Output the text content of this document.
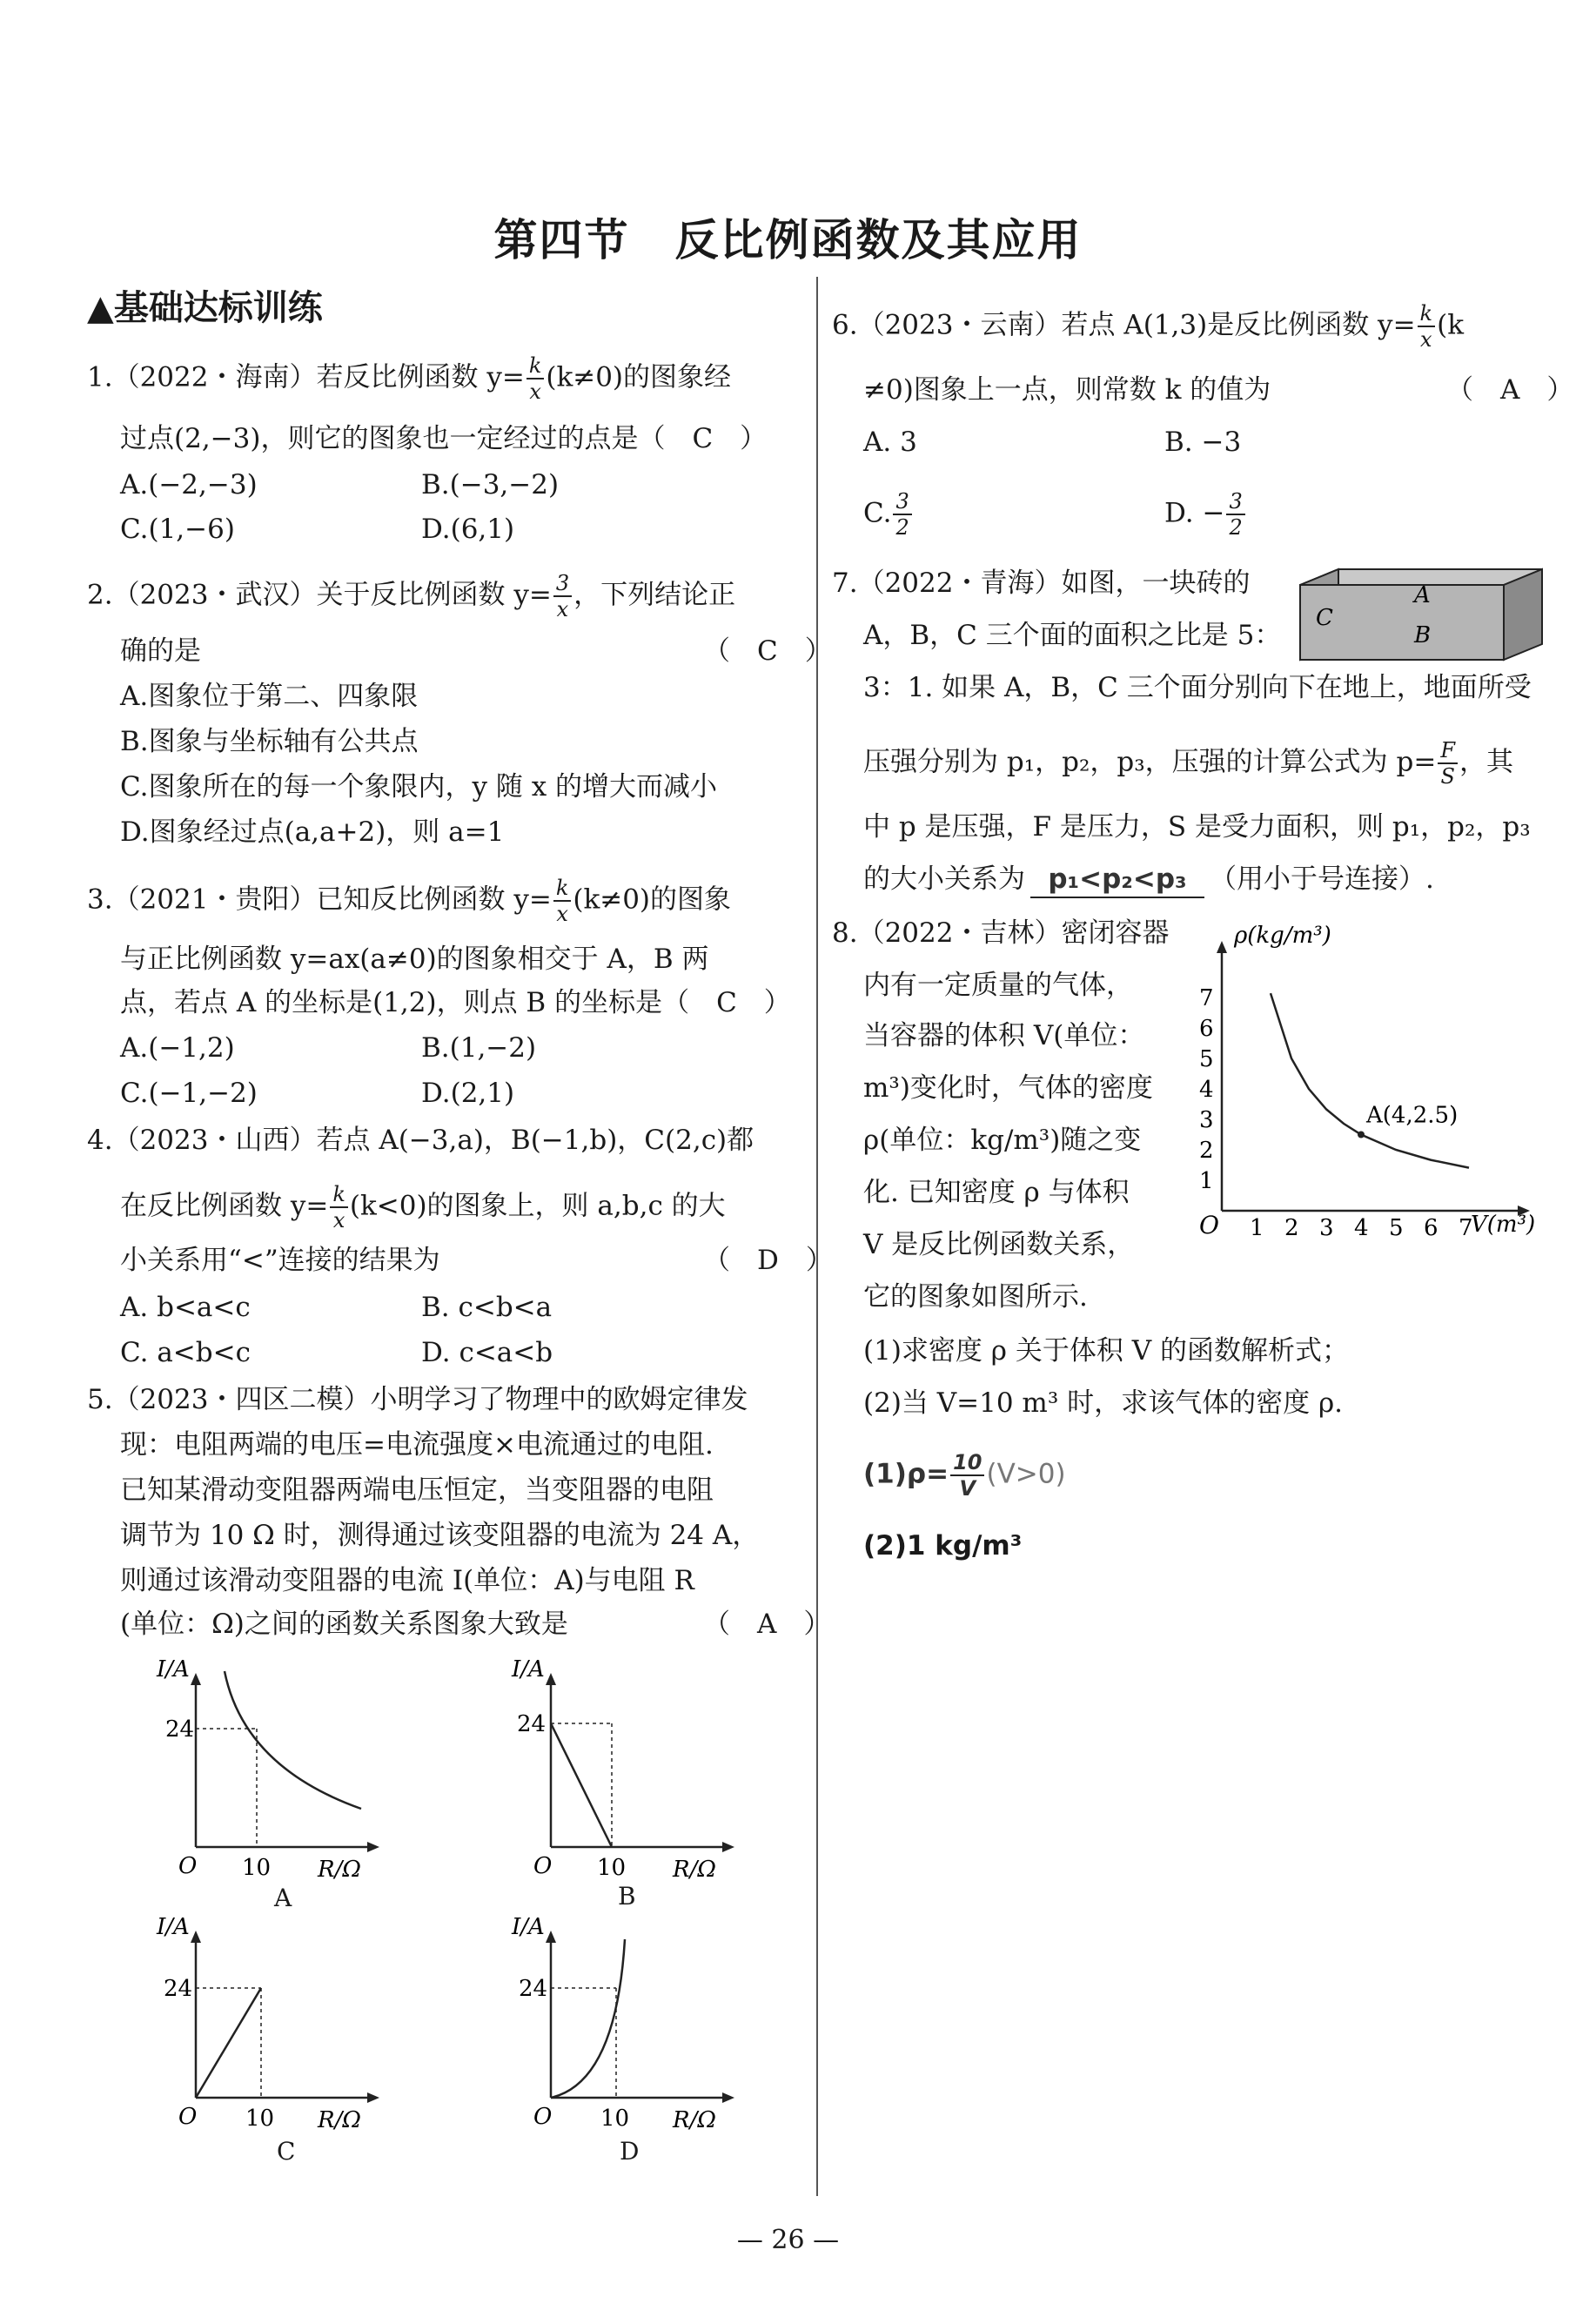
第四节　反比例函数及其应用
▲基础达标训练
1.（2022・海南）若反比例函数 $y= \frac{k}{x} (k\ne 0)$的图象经
过点(2,−3)，则它的图象也一定经过的点是（　C　）
A.(−2,−3)	B.(−3,−2)
C.(1,−6)	D.(6,1)
2.（2023・武汉）关于反比例函数 $y= \frac{3}{x}$ ，下列结论正
确的是	（　C　）
A.图象位于第二、四象限
B.图象与坐标轴有公共点
C.图象所在的每一个象限内，y 随 x 的增大而减小
D.图象经过点(a,a+2)，则 a=1
3.（2021・贵阳）已知反比例函数 $y= \frac{k}{x} (k\ne 0)$的图象
与正比例函数 y=ax(a≠0)的图象相交于 A，B 两
点，若点 A 的坐标是(1,2)，则点 B 的坐标是（　C　）
A.(−1,2)	B.(1,−2)
C.(−1,−2)	D.(2,1)
4.（2023・山西）若点 A(−3,a)，B(−1,b)，C(2,c)都
在反比例函数 $y= \frac{k}{x} (k<0)$的图象上，则 a,b,c 的大
小关系用“<”连接的结果为	（　D　）
A. b<a<c	B. c<b<a
C. a<b<c	D. c<a<b
5.（2023・四区二模）小明学习了物理中的欧姆定律发
现：电阻两端的电压=电流强度×电流通过的电阻.
已知某滑动变阻器两端电压恒定，当变阻器的电阻
调节为 10 Ω 时，测得通过该变阻器的电流为 24 A，
则通过该滑动变阻器的电流 I(单位：A)与电阻 R
(单位：Ω)之间的函数关系图象大致是	（　A　）
I/A
24
O 10 R/Ω
A
I/A
24
O 10 R/Ω
B
I/A
24
O 10 R/Ω
C
I/A
24
O 10 R/Ω
D
6.（2023・云南）若点 A(1,3)是反比例函数 $y= \frac{k}{x} (k$
≠0)图象上一点，则常数 k 的值为	（　A　）
A. 3	B. −3
C. $\frac{3}{2}$	D. − $\frac{3}{2}$
7.（2022・青海）如图，一块砖的
A，B，C 三个面的面积之比是 5：
3：1. 如果 A，B，C 三个面分别向下在地上，地面所受
压强分别为 p₁，p₂，p₃，压强的计算公式为 $p= \frac{F}{S}$ ，其
中 p 是压强，F 是压力，S 是受力面积，则 p₁，p₂，p₃
的大小关系为 p₁<p₂<p₃ （用小于号连接）.
A
B
C
8.（2022・吉林）密闭容器
内有一定质量的气体，
当容器的体积 V(单位：
m³)变化时，气体的密度
ρ(单位：kg/m³)随之变
化. 已知密度 ρ 与体积
V 是反比例函数关系，
它的图象如图所示.
(1)求密度 ρ 关于体积 V 的函数解析式；
(2)当 V=10 m³ 时，求该气体的密度 ρ.
$(1)\rho= \frac{10}{V} (V>0)$
(2)1 kg/m³
ρ(kg/m³)
V(m³)
O 1 2 3 4 5 6 7
1
2
3
4
5
6
7
A(4,2.5)
— 26 —
